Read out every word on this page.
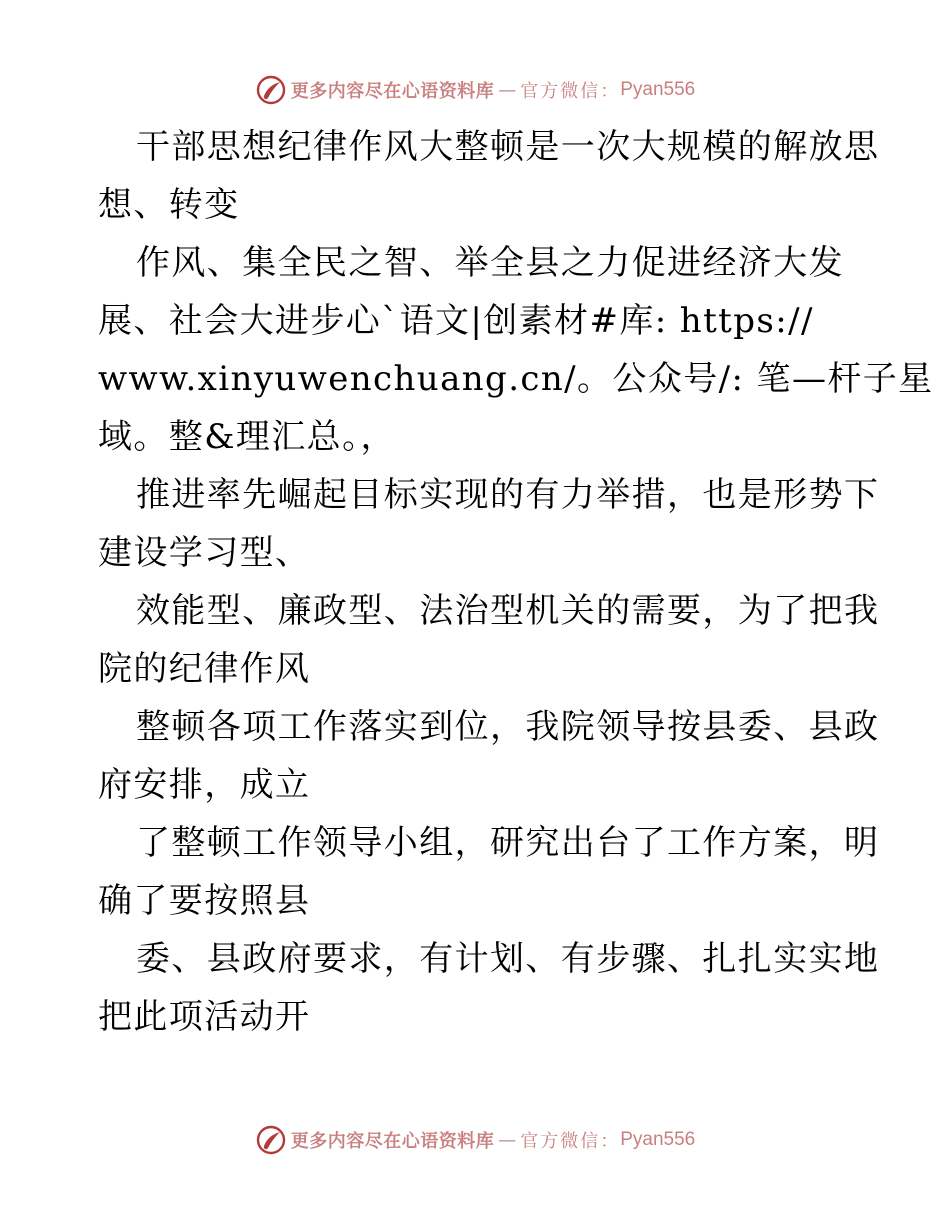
更多内容尽在心语资料库 — 官方微信： Pyan556
干部思想纪律作风大整顿是一次大规模的解放思
想、转变
作风、集全民之智、举全县之力促进经济大发
展、社会大进步心`语文|创素材#库: https://
www.xinyuwenchuang.cn/。公众号/: 笔—杆子星
域。整&理汇总。，
推进率先崛起目标实现的有力举措，也是形势下
建设学习型、
效能型、廉政型、法治型机关的需要，为了把我
院的纪律作风
整顿各项工作落实到位，我院领导按县委、县政
府安排，成立
了整顿工作领导小组，研究出台了工作方案，明
确了要按照县
委、县政府要求，有计划、有步骤、扎扎实实地
把此项活动开
更多内容尽在心语资料库 — 官方微信： Pyan556
